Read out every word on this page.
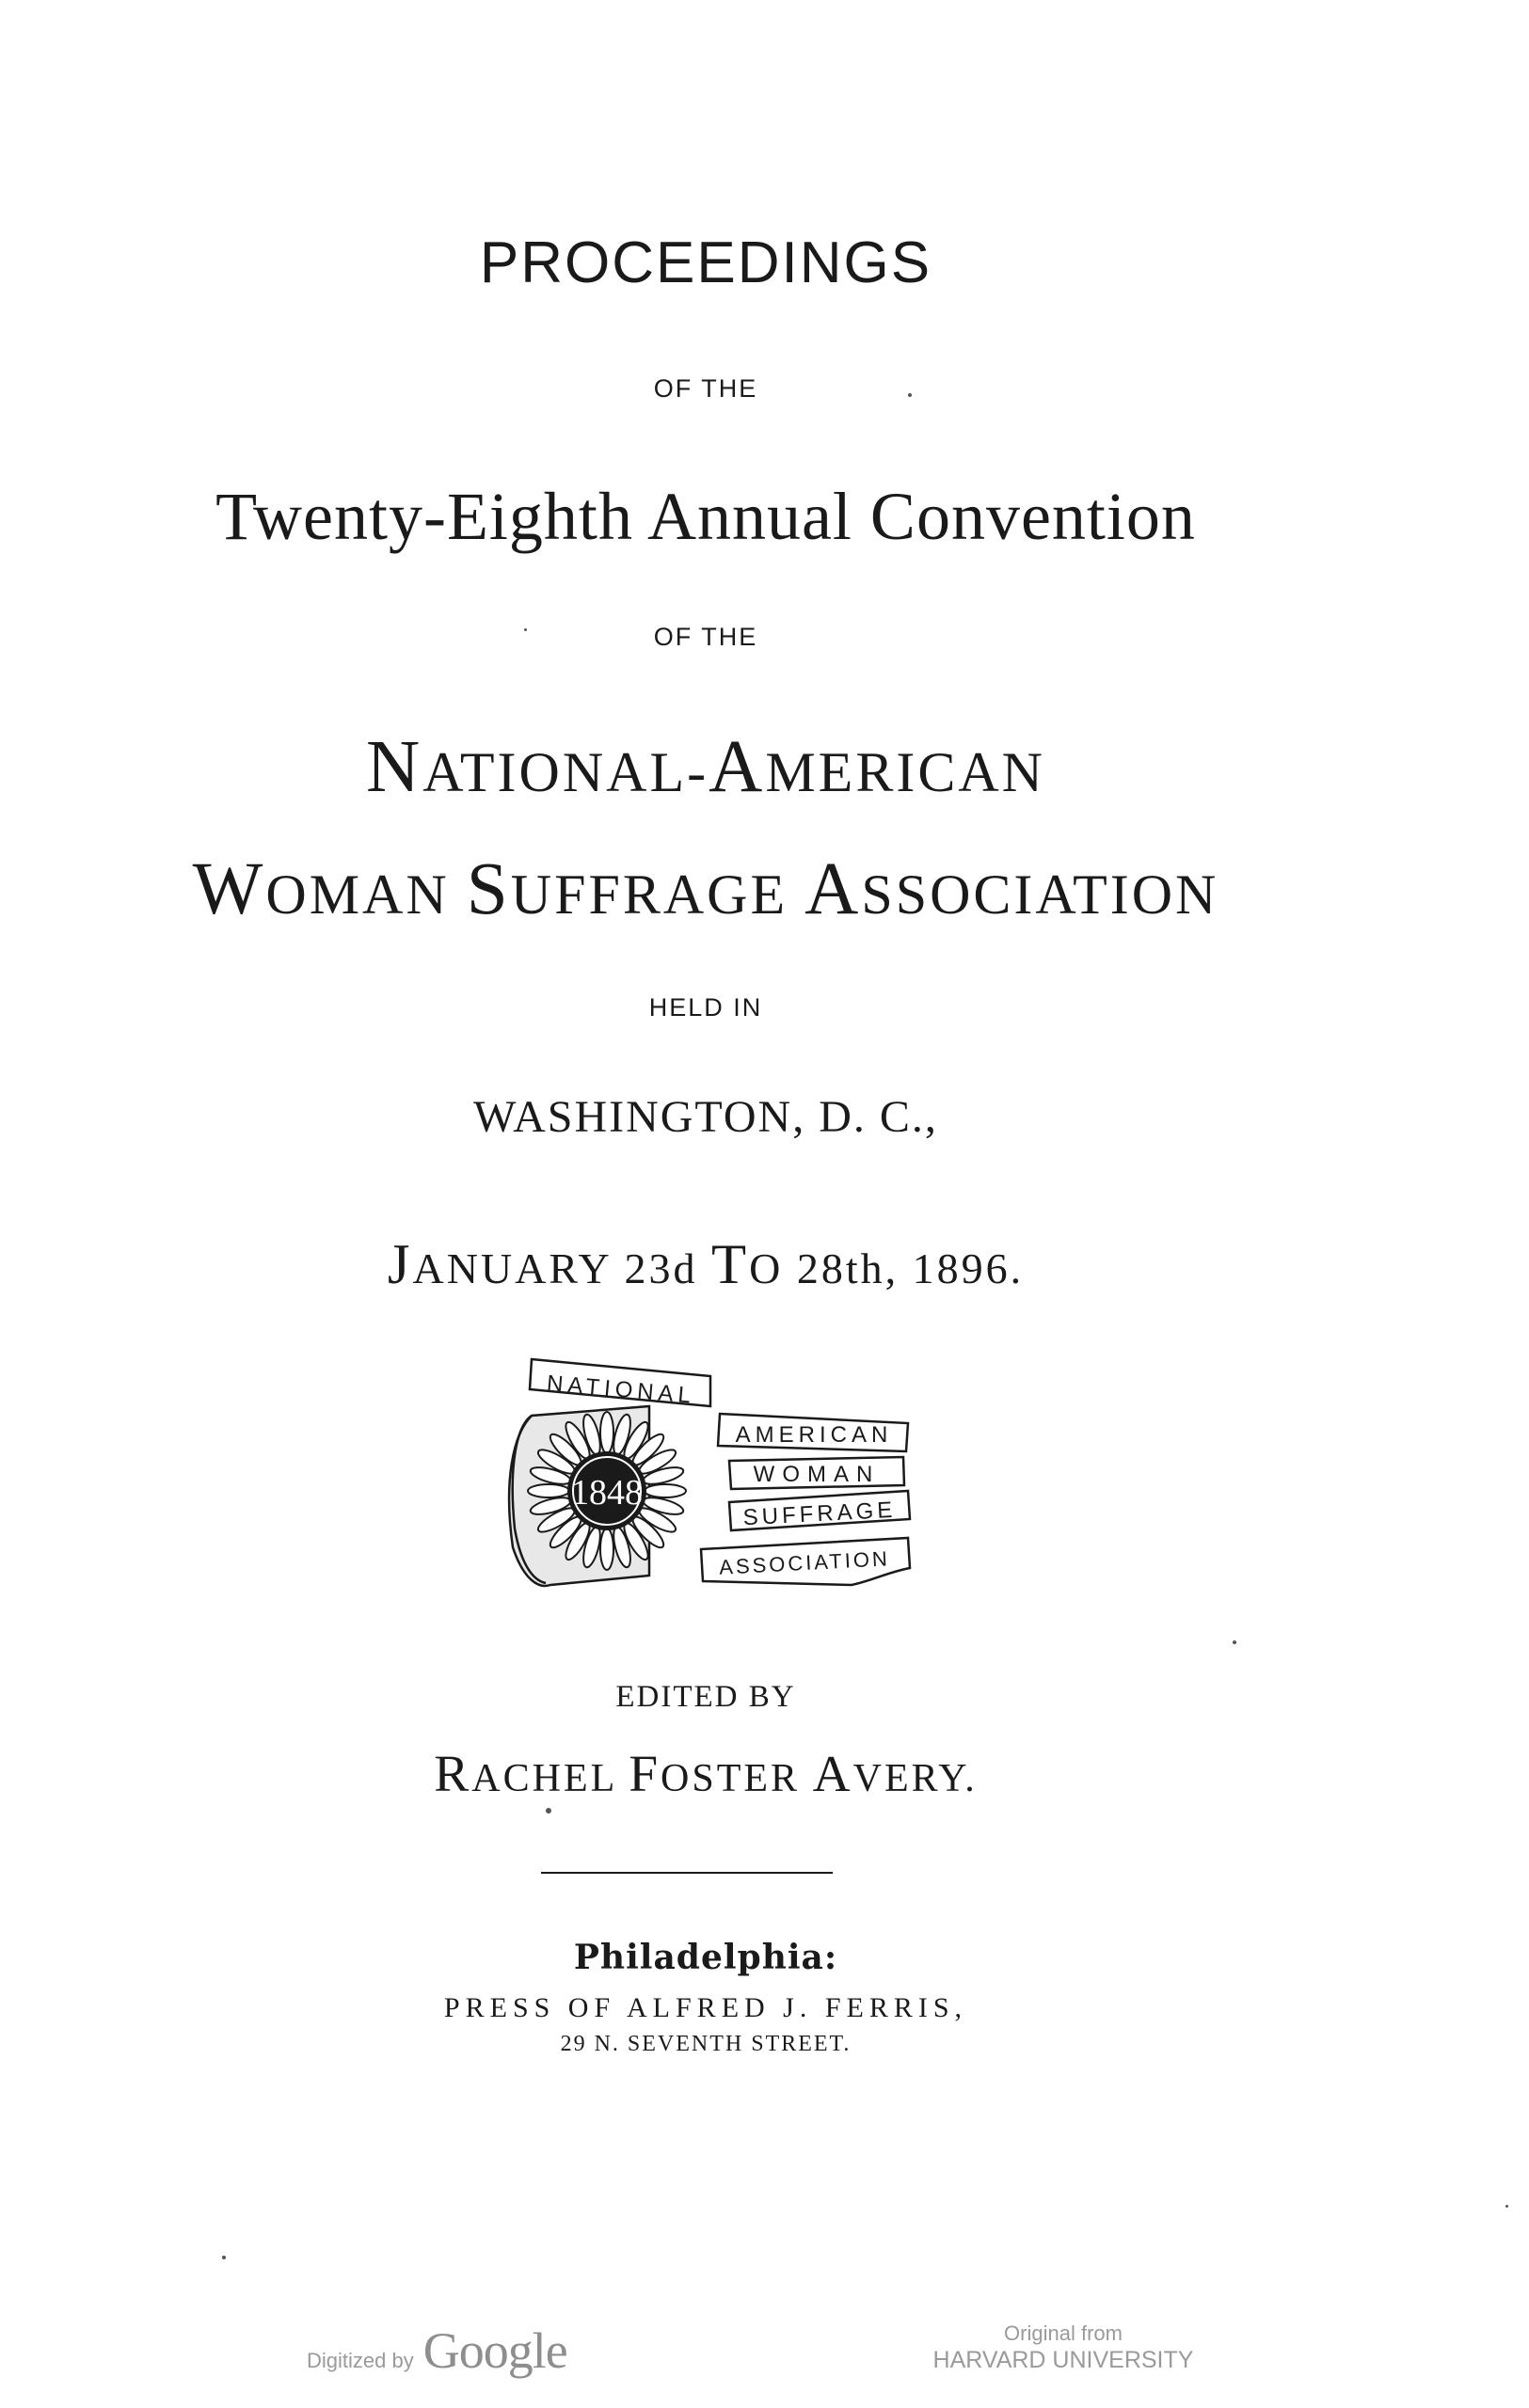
PROCEEDINGS
OF THE
Twenty-Eighth Annual Convention
OF THE
NATIONAL-AMERICAN
WOMAN SUFFRAGE ASSOCIATION
HELD IN
WASHINGTON, D. C.,
JANUARY 23d TO 28th, 1896.
1848
NATIONAL
AMERICAN
WOMAN
SUFFRAGE
ASSOCIATION
EDITED BY
RACHEL FOSTER AVERY.
Philadelphia:
PRESS OF ALFRED J. FERRIS,
29 N. SEVENTH STREET.
Digitized by Google	Original from
HARVARD UNIVERSITY
